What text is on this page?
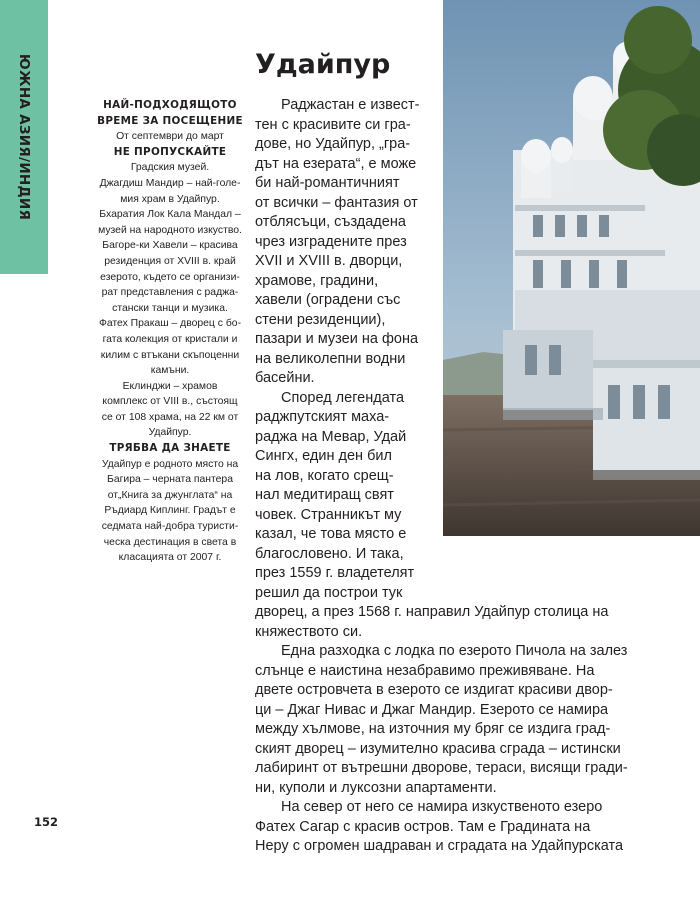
ЮЖНА АЗИЯ/ИНДИЯ	Удайпур
НАЙ-ПОДХОДЯЩОТО
ВРЕМЕ ЗА ПОСЕЩЕНИЕ
От септември до март
НЕ ПРОПУСКАЙТЕ
Градския музей.
Джагдиш Мандир – най-голе-
мия храм в Удайпур.
Бхаратия Лок Кала Мандал –
музей на народното изкуство.
Багоре-ки Хавели – красива
резиденция от XVIII в. край
езерото, където се организи-
рат представления с раджа-
стански танци и музика.
Фатех Пракаш – дворец с бо-
гата колекция от кристали и
килим с втъкани скъпоценни
камъни.
Еклинджи – храмов
комплекс от VIII в., състоящ
се от 108 храма, на 22 км от
Удайпур.
ТРЯБВА ДА ЗНАЕТЕ
Удайпур е родното място на
Багира – черната пантера
от„Книга за джунглата“ на
Ръдиард Киплинг. Градът е
седмата най-добра туристи-
ческа дестинация в света в
класацията от 2007 г.
Раджастан е извест-
тен с красивите си гра-
дове, но Удайпур, „гра-
дът на езерата“, е може
би най-романтичният
от всички – фантазия от
отблясъци, създадена
чрез изградените през
XVII и XVIII в. дворци,
храмове, градини,
хавели (оградени със
стени резиденции),
пазари и музеи на фона
на великолепни водни
басейни.
Според легендата
раджпутският маха-
раджа на Мевар, Удай
Сингх, един ден бил
на лов, когато срещ-
нал медитиращ свят
човек. Странникът му
казал, че това място е
благословено. И така,
през 1559 г. владетелят
решил да построи тук
дворец, а през 1568 г. направил Удайпур столица на
княжеството си.
Една разходка с лодка по езерото Пичола на залез
слънце е наистина незабравимо преживяване. На
двете островчета в езерото се издигат красиви двор-
ци – Джаг Нивас и Джаг Мандир. Езерото се намира
между хълмове, на източния му бряг се издига град-
ският дворец – изумително красива сграда – истински
лабиринт от вътрешни дворове, тераси, висящи гради-
ни, куполи и луксозни апартаменти.
На север от него се намира изкуственото езеро
Фатех Сагар с красив остров. Там е Градината на
Неру с огромен шадраван и сградата на Удайпурската
152
